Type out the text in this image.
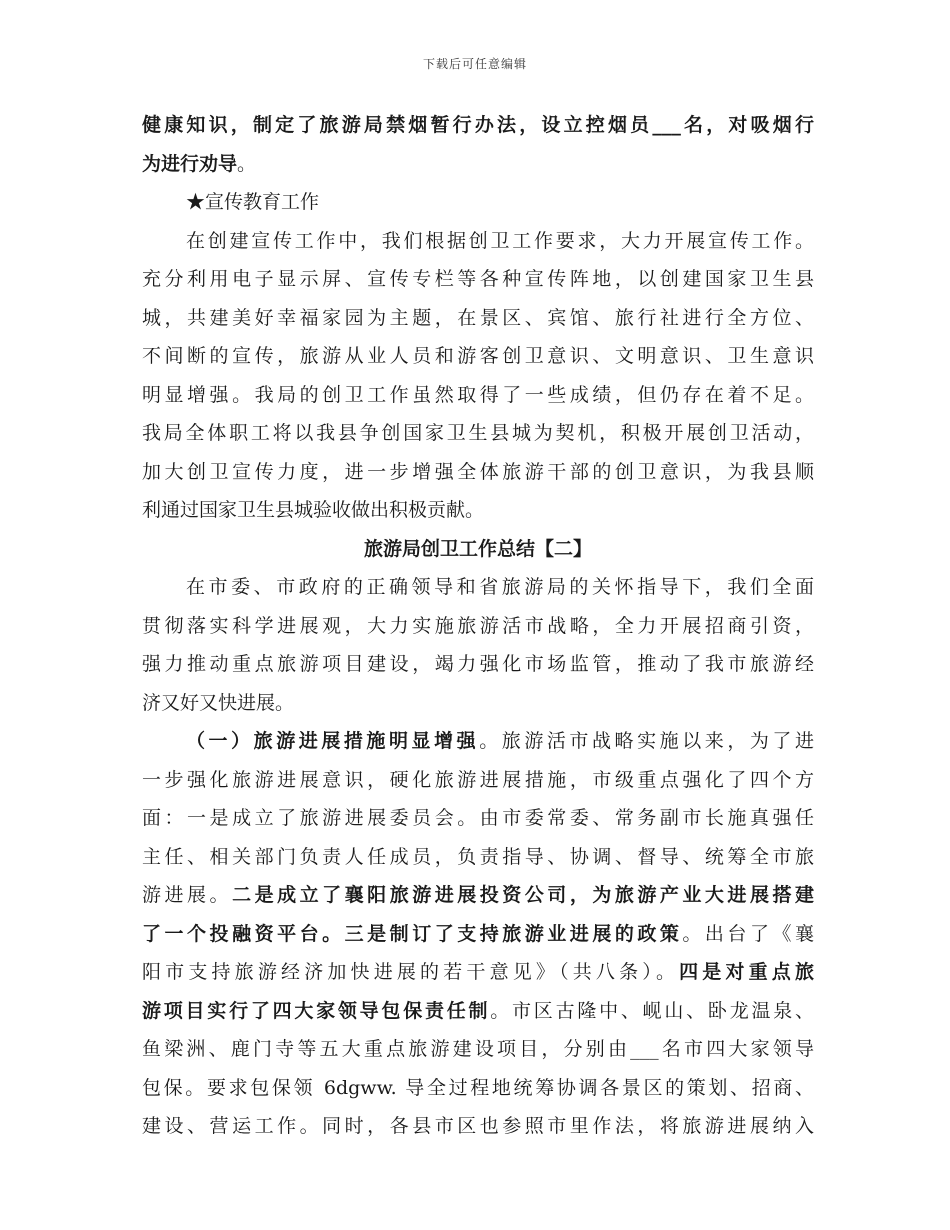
下载后可任意编辑
健康知识，制定了旅游局禁烟暂行办法，设立控烟员___名，对吸烟行
为进行劝导。
★宣传教育工作
在创建宣传工作中，我们根据创卫工作要求，大力开展宣传工作。
充分利用电子显示屏、宣传专栏等各种宣传阵地，以创建国家卫生县
城，共建美好幸福家园为主题，在景区、宾馆、旅行社进行全方位、
不间断的宣传，旅游从业人员和游客创卫意识、文明意识、卫生意识
明显增强。我局的创卫工作虽然取得了一些成绩，但仍存在着不足。
我局全体职工将以我县争创国家卫生县城为契机，积极开展创卫活动，
加大创卫宣传力度，进一步增强全体旅游干部的创卫意识，为我县顺
利通过国家卫生县城验收做出积极贡献。
旅游局创卫工作总结【二】
在市委、市政府的正确领导和省旅游局的关怀指导下，我们全面
贯彻落实科学进展观，大力实施旅游活市战略，全力开展招商引资，
强力推动重点旅游项目建设，竭力强化市场监管，推动了我市旅游经
济又好又快进展。
（一）旅游进展措施明显增强。旅游活市战略实施以来，为了进
一步强化旅游进展意识，硬化旅游进展措施，市级重点强化了四个方
面：一是成立了旅游进展委员会。由市委常委、常务副市长施真强任
主任、相关部门负责人任成员，负责指导、协调、督导、统筹全市旅
游进展。二是成立了襄阳旅游进展投资公司，为旅游产业大进展搭建
了一个投融资平台。三是制订了支持旅游业进展的政策。出台了《襄
阳市支持旅游经济加快进展的若干意见》（共八条）。四是对重点旅
游项目实行了四大家领导包保责任制。市区古隆中、岘山、卧龙温泉、
鱼梁洲、鹿门寺等五大重点旅游建设项目，分别由___名市四大家领导
包保。要求包保领 6dgww. 导全过程地统筹协调各景区的策划、招商、
建设、营运工作。同时，各县市区也参照市里作法，将旅游进展纳入
